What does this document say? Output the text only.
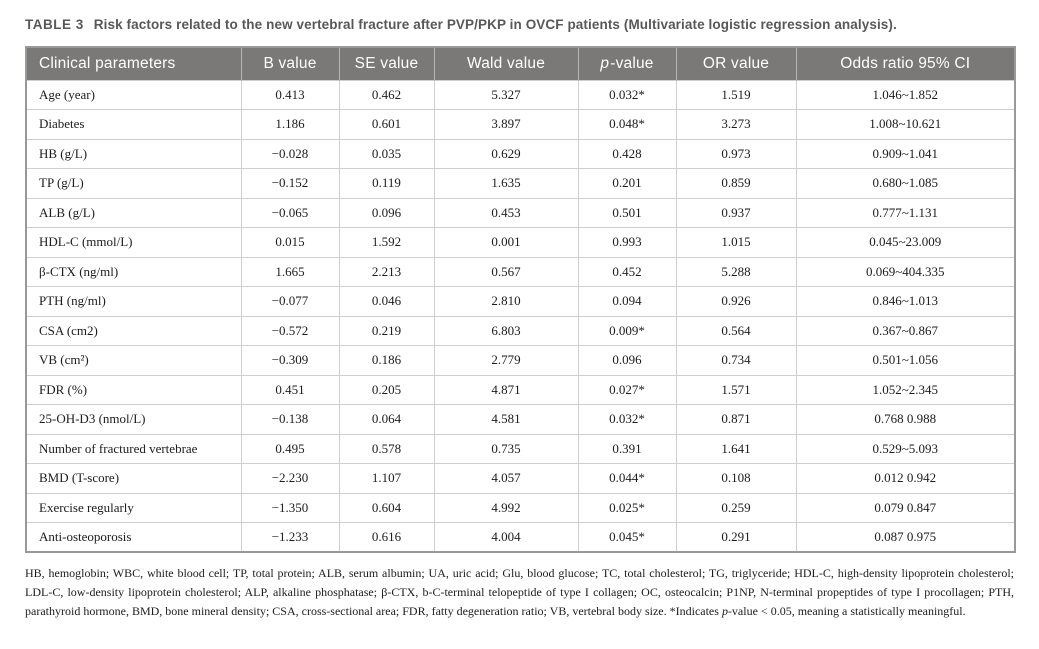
TABLE 3 Risk factors related to the new vertebral fracture after PVP/PKP in OVCF patients (Multivariate logistic regression analysis).

Clinical parameters	B value	SE value	Wald value	p-value	OR value	Odds ratio 95% CI
Age (year)	0.413	0.462	5.327	0.032*	1.519	1.046~1.852
Diabetes	1.186	0.601	3.897	0.048*	3.273	1.008~10.621
HB (g/L)	−0.028	0.035	0.629	0.428	0.973	0.909~1.041
TP (g/L)	−0.152	0.119	1.635	0.201	0.859	0.680~1.085
ALB (g/L)	−0.065	0.096	0.453	0.501	0.937	0.777~1.131
HDL-C (mmol/L)	0.015	1.592	0.001	0.993	1.015	0.045~23.009
β-CTX (ng/ml)	1.665	2.213	0.567	0.452	5.288	0.069~404.335
PTH (ng/ml)	−0.077	0.046	2.810	0.094	0.926	0.846~1.013
CSA (cm2)	−0.572	0.219	6.803	0.009*	0.564	0.367~0.867
VB (cm²)	−0.309	0.186	2.779	0.096	0.734	0.501~1.056
FDR (%)	0.451	0.205	4.871	0.027*	1.571	1.052~2.345
25-OH-D3 (nmol/L)	−0.138	0.064	4.581	0.032*	0.871	0.768 0.988
Number of fractured vertebrae	0.495	0.578	0.735	0.391	1.641	0.529~5.093
BMD (T-score)	−2.230	1.107	4.057	0.044*	0.108	0.012 0.942
Exercise regularly	−1.350	0.604	4.992	0.025*	0.259	0.079 0.847
Anti-osteoporosis	−1.233	0.616	4.004	0.045*	0.291	0.087 0.975

HB, hemoglobin; WBC, white blood cell; TP, total protein; ALB, serum albumin; UA, uric acid; Glu, blood glucose; TC, total cholesterol; TG, triglyceride; HDL-C, high-density lipoprotein cholesterol; LDL-C, low-density lipoprotein cholesterol; ALP, alkaline phosphatase; β-CTX, b-C-terminal telopeptide of type I collagen; OC, osteocalcin; P1NP, N-terminal propeptides of type I procollagen; PTH, parathyroid hormone, BMD, bone mineral density; CSA, cross-sectional area; FDR, fatty degeneration ratio; VB, vertebral body size. *Indicates p-value < 0.05, meaning a statistically meaningful.
